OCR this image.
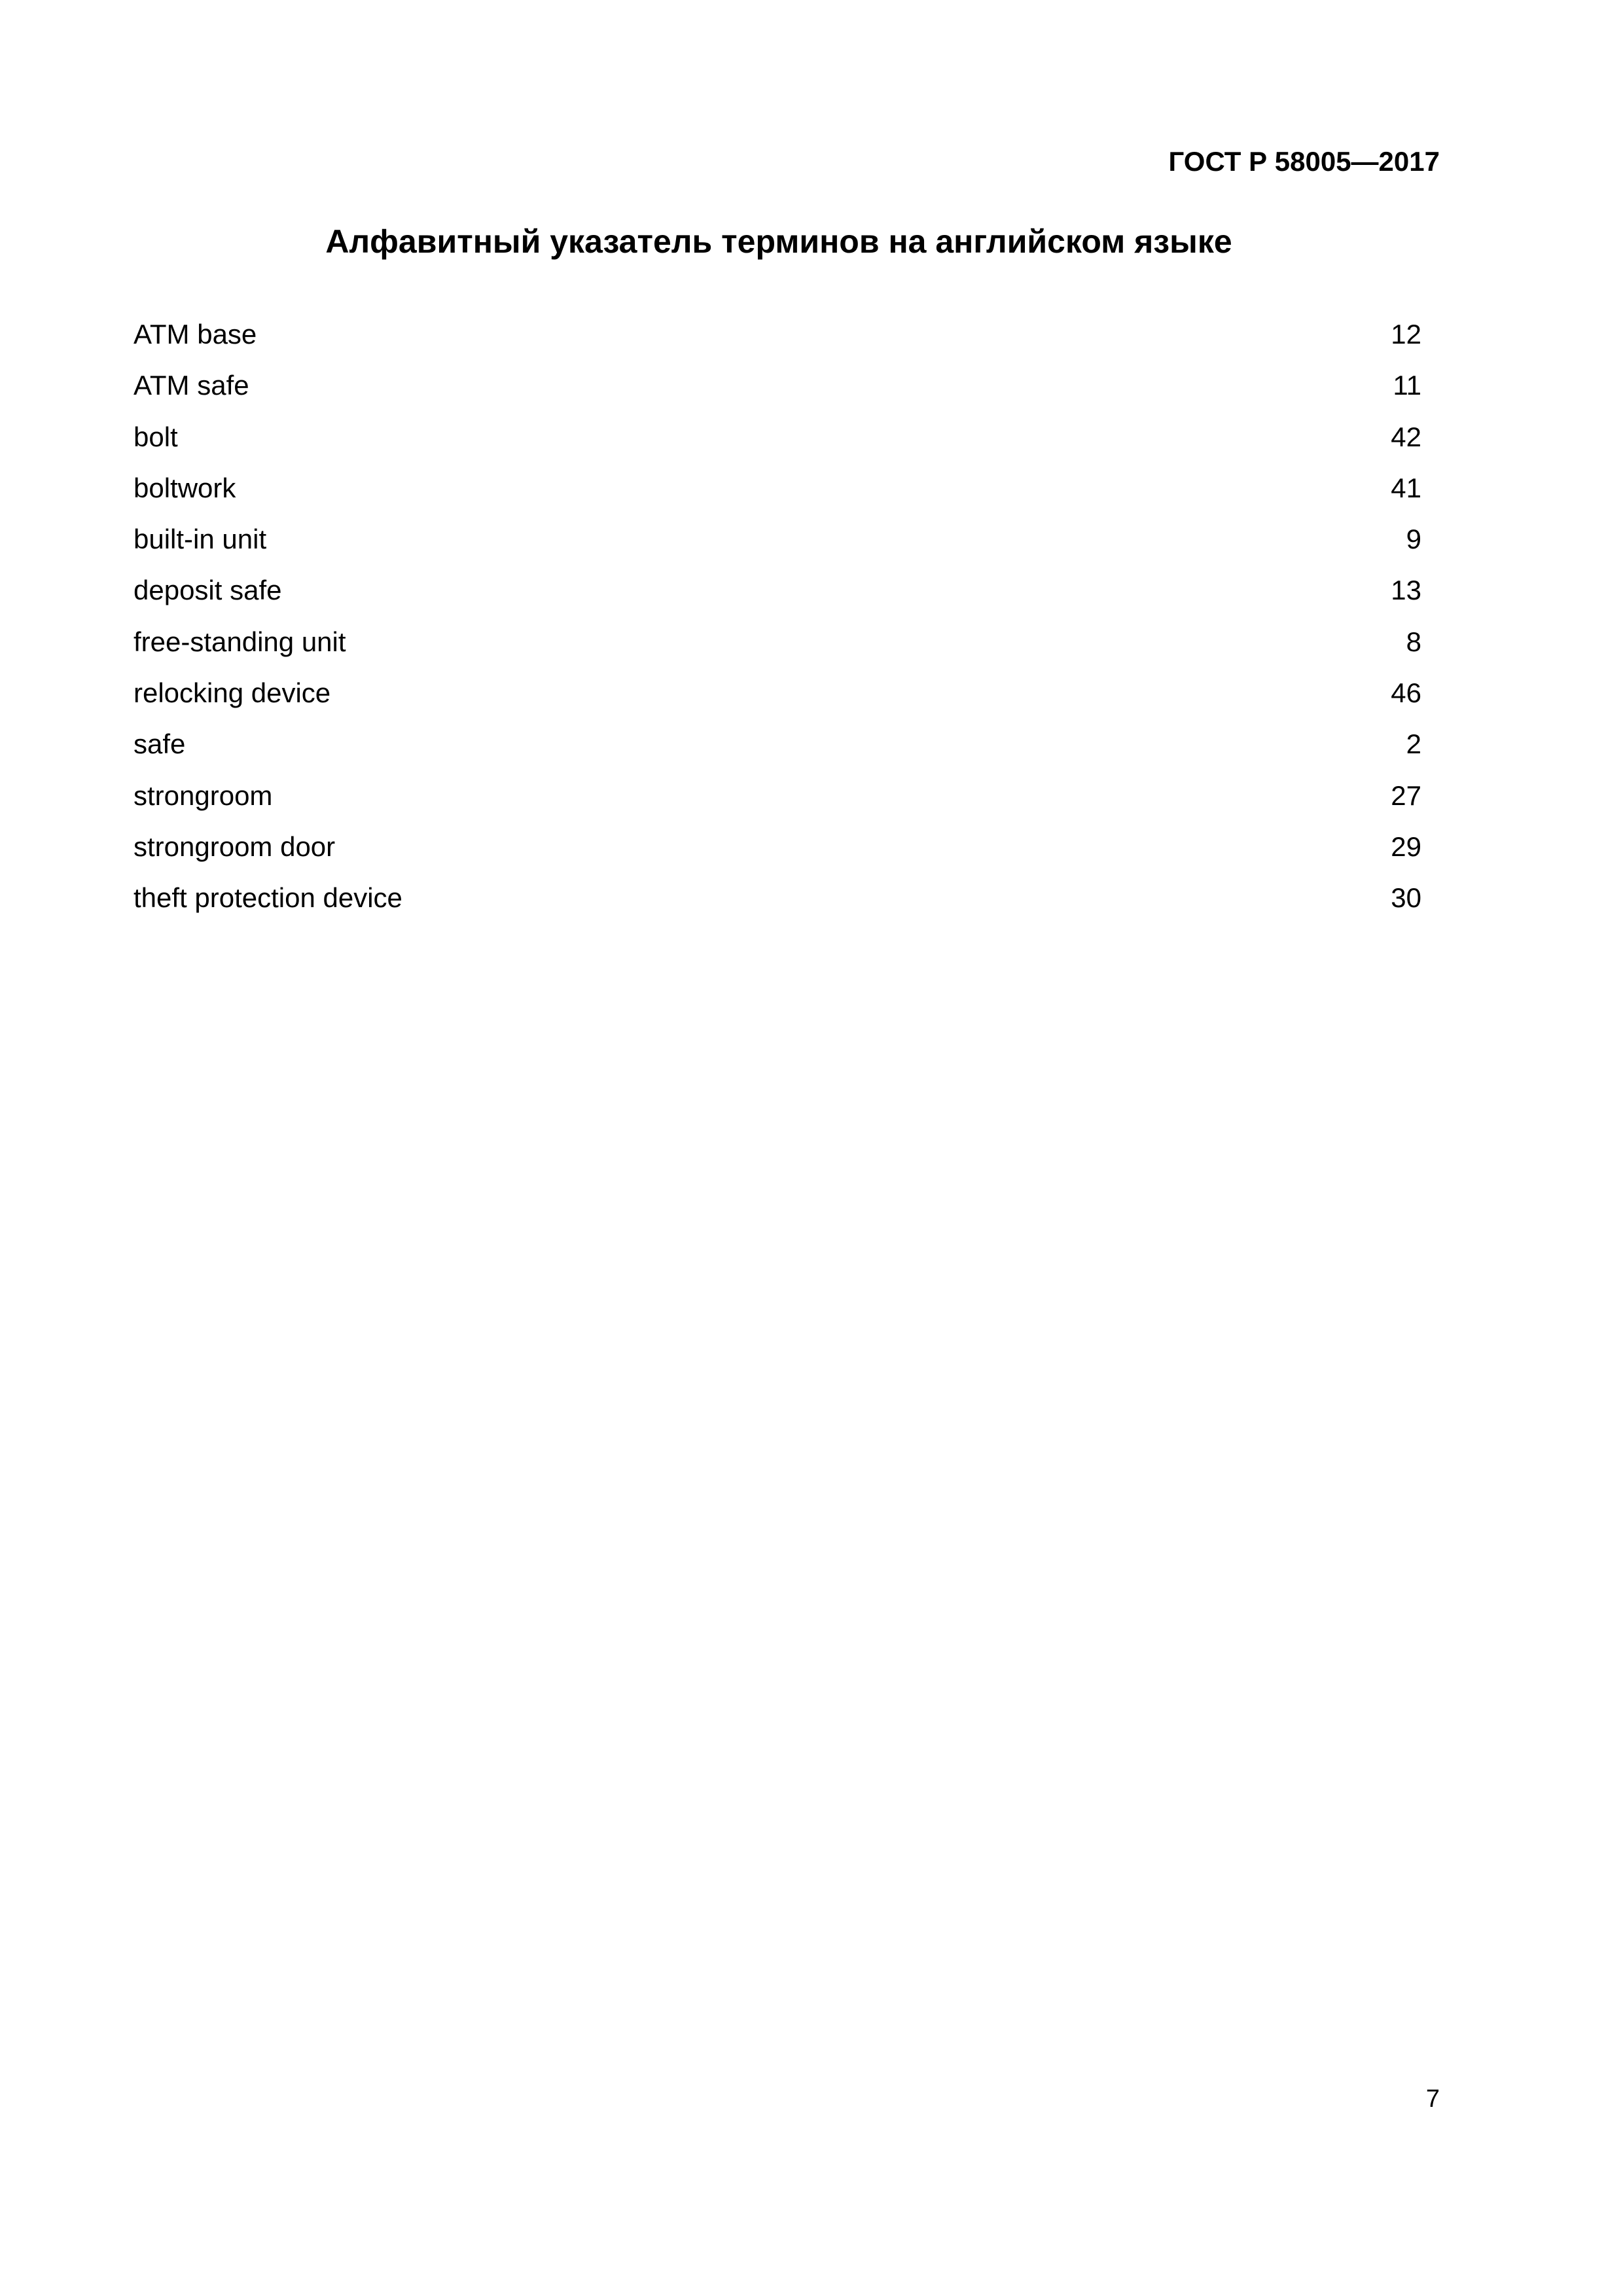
ГОСТ Р 58005—2017
Алфавитный указатель терминов на английском языке
ATM base	12
ATM safe	11
bolt	42
boltwork	41
built-in unit	9
deposit safe	13
free-standing unit	8
relocking device	46
safe	2
strongroom	27
strongroom door	29
theft protection device	30
7
